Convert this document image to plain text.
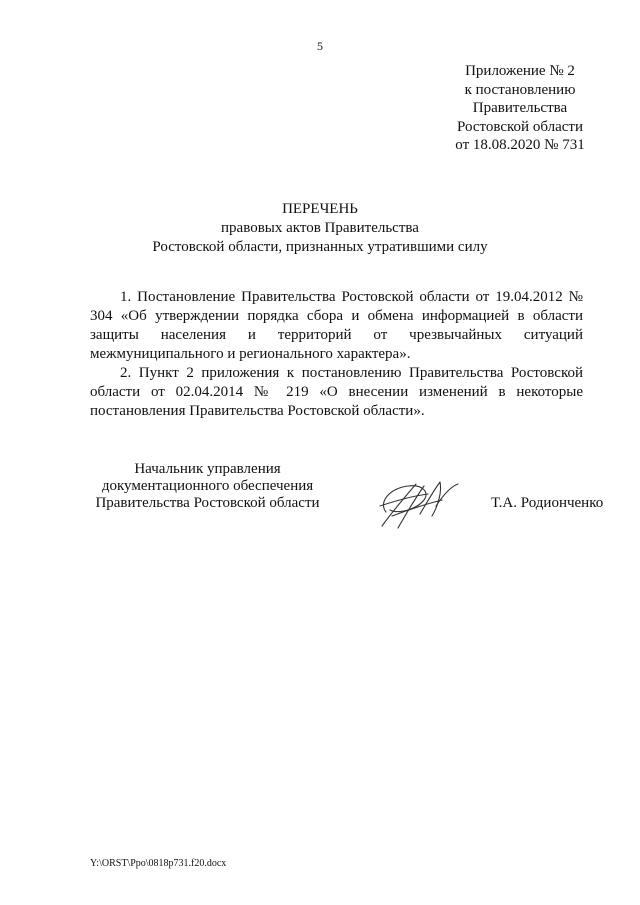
5
Приложение № 2
к постановлению
Правительства
Ростовской области
от 18.08.2020 № 731
ПЕРЕЧЕНЬ
правовых актов Правительства
Ростовской области, признанных утратившими силу

1. Постановление Правительства Ростовской области от 19.04.2012 № 304 «Об утверждении порядка сбора и обмена информацией в области защиты населения и территорий от чрезвычайных ситуаций межмуниципального и регионального характера».

2. Пункт 2 приложения к постановлению Правительства Ростовской области от 02.04.2014 № 219 «О внесении изменений в некоторые постановления Правительства Ростовской области».

Начальник управления
документационного обеспечения
Правительства Ростовской области	Т.А. Родионченко
Y:\ORST\Ppo\0818p731.f20.docx
